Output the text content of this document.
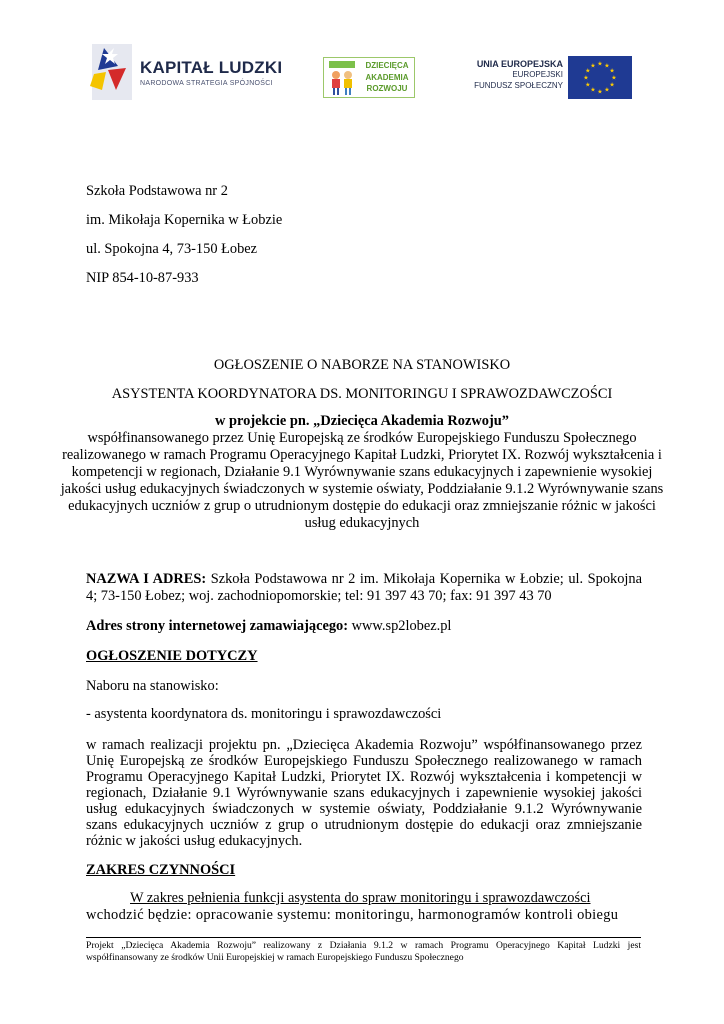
KAPITAŁ LUDZKI
NARODOWA STRATEGIA SPÓJNOŚCI
DZIECIĘCA
AKADEMIA
ROZWOJU
UNIA EUROPEJSKA
EUROPEJSKI
FUNDUSZ SPOŁECZNY
★
★
★
★
★
★
★
★
★ ★ ★
★
Szkoła Podstawowa nr 2
im. Mikołaja Kopernika w Łobzie
ul. Spokojna 4, 73-150 Łobez
NIP 854-10-87-933
OGŁOSZENIE O NABORZE NA STANOWISKO
ASYSTENTA KOORDYNATORA DS. MONITORINGU I SPRAWOZDAWCZOŚCI
w projekcie pn. „Dziecięca Akademia Rozwoju”
współfinansowanego przez Unię Europejską ze środków Europejskiego Funduszu Społecznego realizowanego w ramach Programu Operacyjnego Kapitał Ludzki, Priorytet IX. Rozwój wykształcenia i kompetencji w regionach, Działanie 9.1 Wyrównywanie szans edukacyjnych i zapewnienie wysokiej jakości usług edukacyjnych świadczonych w systemie oświaty, Poddziałanie 9.1.2 Wyrównywanie szans edukacyjnych uczniów z grup o utrudnionym dostępie do edukacji oraz zmniejszanie różnic w jakości usług edukacyjnych
NAZWA I ADRES: Szkoła Podstawowa nr 2 im. Mikołaja Kopernika w Łobzie; ul. Spokojna 4; 73-150 Łobez; woj. zachodniopomorskie; tel: 91 397 43 70; fax: 91 397 43 70
Adres strony internetowej zamawiającego: www.sp2lobez.pl
OGŁOSZENIE DOTYCZY
Naboru na stanowisko:
- asystenta koordynatora ds. monitoringu i sprawozdawczości
w ramach realizacji projektu pn. „Dziecięca Akademia Rozwoju” współfinansowanego przez Unię Europejską ze środków Europejskiego Funduszu Społecznego realizowanego w ramach Programu Operacyjnego Kapitał Ludzki, Priorytet IX. Rozwój wykształcenia i kompetencji w regionach, Działanie 9.1 Wyrównywanie szans edukacyjnych i zapewnienie wysokiej jakości usług edukacyjnych świadczonych w systemie oświaty, Poddziałanie 9.1.2 Wyrównywanie szans edukacyjnych uczniów z grup o utrudnionym dostępie do edukacji oraz zmniejszanie różnic w jakości usług edukacyjnych.
ZAKRES CZYNNOŚCI
W zakres pełnienia funkcji asystenta do spraw monitoringu i sprawozdawczości
wchodzić będzie: opracowanie systemu: monitoringu, harmonogramów kontroli obiegu
Projekt „Dziecięca Akademia Rozwoju” realizowany z Działania 9.1.2 w ramach Programu Operacyjnego Kapitał Ludzki jest współfinansowany ze środków Unii Europejskiej w ramach Europejskiego Funduszu Społecznego
